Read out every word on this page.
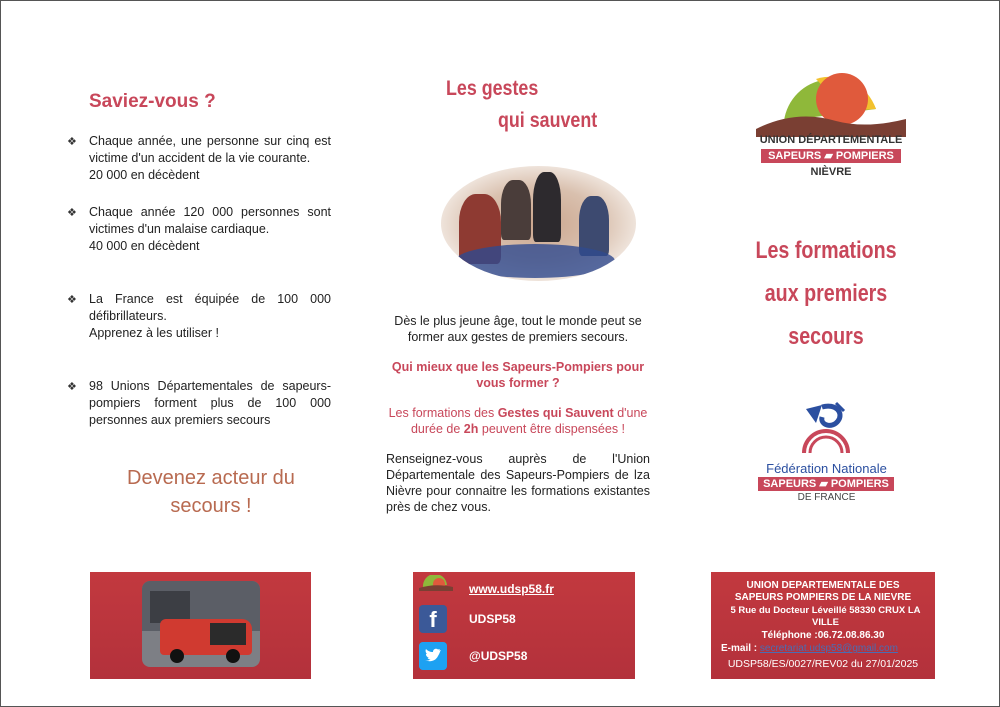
Saviez-vous ?
❖ Chaque année, une personne sur cinq est victime d'un accident de la vie courante.
20 000 en décèdent
❖ Chaque année 120 000 personnes sont victimes d'un malaise cardiaque.
40 000 en décèdent
❖ La France est équipée de 100 000 défibrillateurs.
Apprenez à les utiliser !
❖ 98 Unions Départementales de sapeurs-pompiers forment plus de 100 000 personnes aux premiers secours
Devenez acteur du
secours !
Les gestes
qui sauvent
Dès le plus jeune âge, tout le monde peut se former aux gestes de premiers secours.
Qui mieux que les Sapeurs-Pompiers pour vous former ?
Les formations des Gestes qui Sauvent d'une durée de 2h peuvent être dispensées !
Renseignez-vous auprès de l'Union Départementale des Sapeurs-Pompiers de lza Nièvre pour connaitre les formations existantes près de chez vous.
UNION DÉPARTEMENTALE
SAPEURS ▰ POMPIERS
NIÈVRE
Les formations
aux premiers
secours
Fédération Nationale
SAPEURS ▰ POMPIERS
DE FRANCE
www.udsp58.fr
f	UDSP58
@UDSP58
UNION DEPARTEMENTALE DES
SAPEURS POMPIERS DE LA NIEVRE
5 Rue du Docteur Léveillé 58330 CRUX LA VILLE
Téléphone :06.72.08.86.30
E-mail : secretariat.udsp58@gmail.com
UDSP58/ES/0027/REV02 du 27/01/2025
